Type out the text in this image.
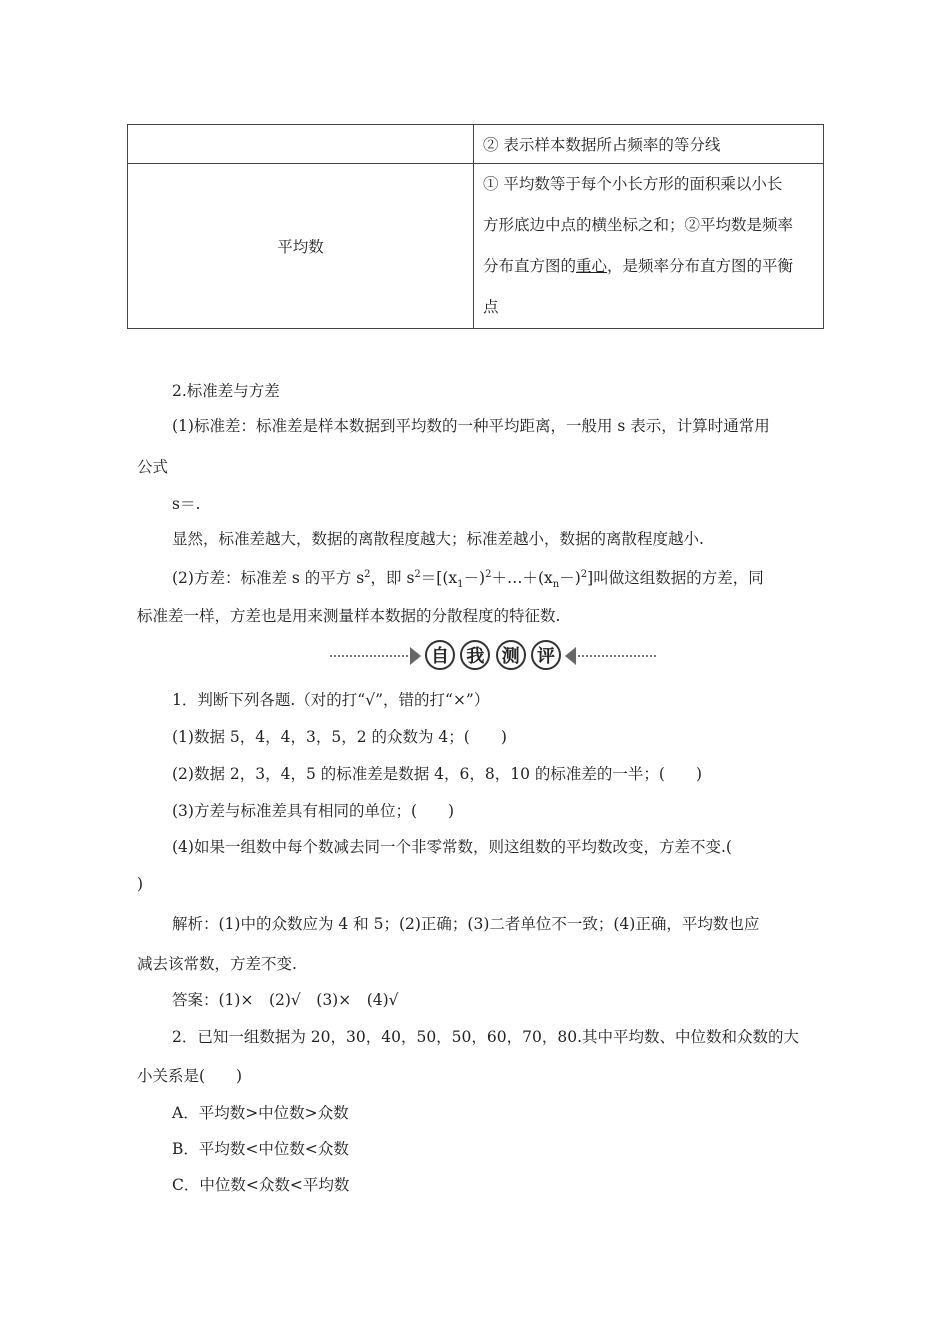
	② 表示样本数据所占频率的等分线
平均数	① 平均数等于每个小长方形的面积乘以小长
方形底边中点的横坐标之和；②平均数是频率
分布直方图的重心，是频率分布直方图的平衡
点
2.标准差与方差
(1)标准差：标准差是样本数据到平均数的一种平均距离，一般用 s 表示，计算时通常用
公式
s＝.
显然，标准差越大，数据的离散程度越大；标准差越小，数据的离散程度越小.
(2)方差：标准差 s 的平方 $s^2$，即 $s^2=[(x_1-)^2+\dots+(x_n-)^2]$叫做这组数据的方差，同
标准差一样，方差也是用来测量样本数据的分散程度的特征数.
自 我 测 评
1．判断下列各题.（对的打“√”，错的打“×”）
(1)数据 5，4，4，3，5，2 的众数为 4；(　　)
(2)数据 2，3，4，5 的标准差是数据 4，6，8，10 的标准差的一半；(　　)
(3)方差与标准差具有相同的单位；(　　)
(4)如果一组数中每个数减去同一个非零常数，则这组数的平均数改变，方差不变.(
)
解析：(1)中的众数应为 4 和 5；(2)正确；(3)二者单位不一致；(4)正确，平均数也应
减去该常数，方差不变.
答案：(1)×　(2)√　(3)×　(4)√
2．已知一组数据为 20，30，40，50，50，60，70，80.其中平均数、中位数和众数的大
小关系是(　　)
A．平均数>中位数>众数
B．平均数<中位数<众数
C．中位数<众数<平均数
